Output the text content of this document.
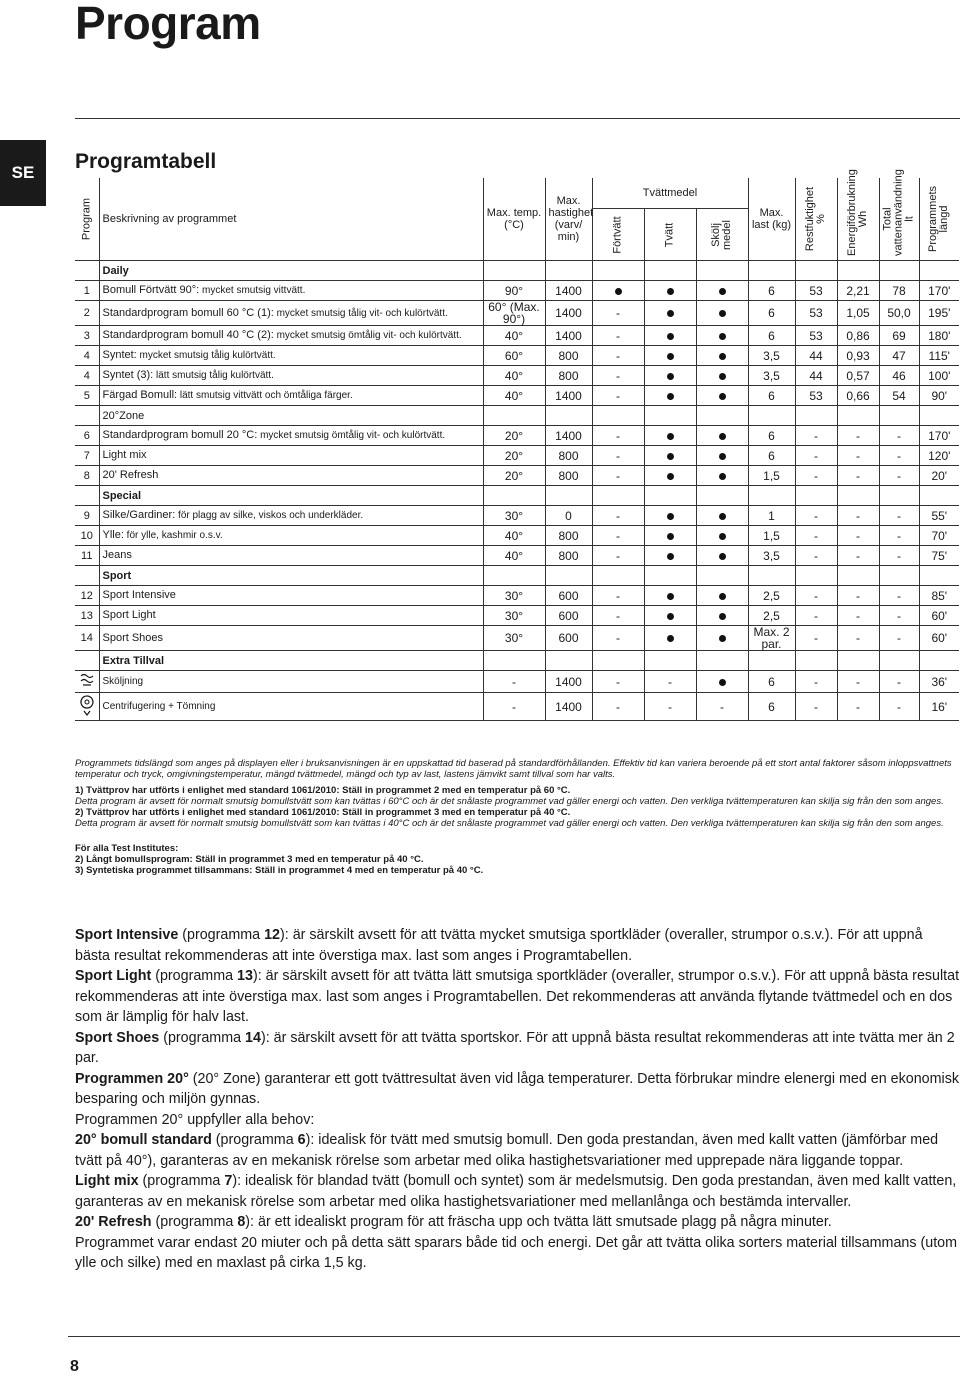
Program
SE	Programtabell
Program	Beskrivning av programmet	Max. temp. (°C)	Max. hastighet (varv/ min)	Tvättmedel			Max. last (kg)	Restfuktighet %	Energiförbrukning Wh	Total vattenanvändning lt	Programmets längd

				Förtvätt	Tvätt	Skölj medel					

	Daily										
1	Bomull Förtvätt 90°: mycket smutsig vittvätt.	90°	1400				6	53	2,21	78	170'
2	Standardprogram bomull 60 °C (1): mycket smutsig tålig vit- och kulörtvätt.	60° (Max. 90°)	1400	-			6	53	1,05	50,0	195'
3	Standardprogram bomull 40 °C (2): mycket smutsig ömtålig vit- och kulörtvätt.	40°	1400	-			6	53	0,86	69	180'
4	Syntet: mycket smutsig tålig kulörtvätt.	60°	800	-			3,5	44	0,93	47	115'
4	Syntet (3): lätt smutsig tålig kulörtvätt.	40°	800	-			3,5	44	0,57	46	100'
5	Färgad Bomull: lätt smutsig vittvätt och ömtåliga färger.	40°	1400	-			6	53	0,66	54	90'
	20°Zone										
6	Standardprogram bomull 20 °C: mycket smutsig ömtålig vit- och kulörtvätt.	20°	1400	-			6	-	-	-	170'
7	Light mix	20°	800	-			6	-	-	-	120'
8	20' Refresh	20°	800	-			1,5	-	-	-	20'
	Special										
9	Silke/Gardiner: för plagg av silke, viskos och underkläder.	30°	0	-			1	-	-	-	55'
10	Ylle: för ylle, kashmir o.s.v.	40°	800	-			1,5	-	-	-	70'
11	Jeans	40°	800	-			3,5	-	-	-	75'
	Sport										
12	Sport Intensive	30°	600	-			2,5	-	-	-	85'
13	Sport Light	30°	600	-			2,5	-	-	-	60'
14	Sport Shoes	30°	600	-			Max. 2 par.	-	-	-	60'
	Extra Tillval										
	Sköljning	-	1400	-	-		6	-	-	-	36'
	Centrifugering + Tömning	-	1400	-	-	-	6	-	-	-	16'

Programmets tidslängd som anges på displayen eller i bruksanvisningen är en uppskattad tid baserad på standardförhållanden. Effektiv tid kan variera beroende på ett stort antal faktorer såsom inloppsvattnets temperatur och tryck, omgivningstemperatur, mängd tvättmedel, mängd och typ av last, lastens jämvikt samt tillval som har valts.

1) Tvättprov har utförts i enlighet med standard 1061/2010: Ställ in programmet 2 med en temperatur på 60 °C.

Detta program är avsett för normalt smutsig bomullstvätt som kan tvättas i 60°C och är det snålaste programmet vad gäller energi och vatten. Den verkliga tvättemperaturen kan skilja sig från den som anges.

2) Tvättprov har utförts i enlighet med standard 1061/2010: Ställ in programmet 3 med en temperatur på 40 °C.

Detta program är avsett för normalt smutsig bomullstvätt som kan tvättas i 40°C och är det snålaste programmet vad gäller energi och vatten. Den verkliga tvättemperaturen kan skilja sig från den som anges.

För alla Test Institutes:

2) Långt bomullsprogram: Ställ in programmet 3 med en temperatur på 40 °C.

3) Syntetiska programmet tillsammans: Ställ in programmet 4 med en temperatur på 40 °C.

Sport Intensive (programma 12): är särskilt avsett för att tvätta mycket smutsiga sportkläder (overaller, strumpor o.s.v.). För att uppnå bästa resultat rekommenderas att inte överstiga max. last som anges i Programtabellen.

Sport Light (programma 13): är särskilt avsett för att tvätta lätt smutsiga sportkläder (overaller, strumpor o.s.v.). För att uppnå bästa resultat rekommenderas att inte överstiga max. last som anges i Programtabellen. Det rekommenderas att använda flytande tvättmedel och en dos som är lämplig för halv last.

Sport Shoes (programma 14): är särskilt avsett för att tvätta sportskor. För att uppnå bästa resultat rekommenderas att inte tvätta mer än 2 par.

Programmen 20° (20° Zone) garanterar ett gott tvättresultat även vid låga temperaturer. Detta förbrukar mindre elenergi med en ekonomisk besparing och miljön gynnas.

Programmen 20° uppfyller alla behov:

20° bomull standard (programma 6): idealisk för tvätt med smutsig bomull. Den goda prestandan, även med kallt vatten (jämförbar med tvätt på 40°), garanteras av en mekanisk rörelse som arbetar med olika hastighetsvariationer med upprepade nära liggande toppar.

Light mix (programma 7): idealisk för blandad tvätt (bomull och syntet) som är medelsmutsig. Den goda prestandan, även med kallt vatten, garanteras av en mekanisk rörelse som arbetar med olika hastighetsvariationer med mellanlånga och bestämda intervaller.

20' Refresh (programma 8): är ett idealiskt program för att fräscha upp och tvätta lätt smutsade plagg på några minuter.

Programmet varar endast 20 miuter och på detta sätt sparars både tid och energi. Det går att tvätta olika sorters material tillsammans (utom ylle och silke) med en maxlast på cirka 1,5 kg.

8
